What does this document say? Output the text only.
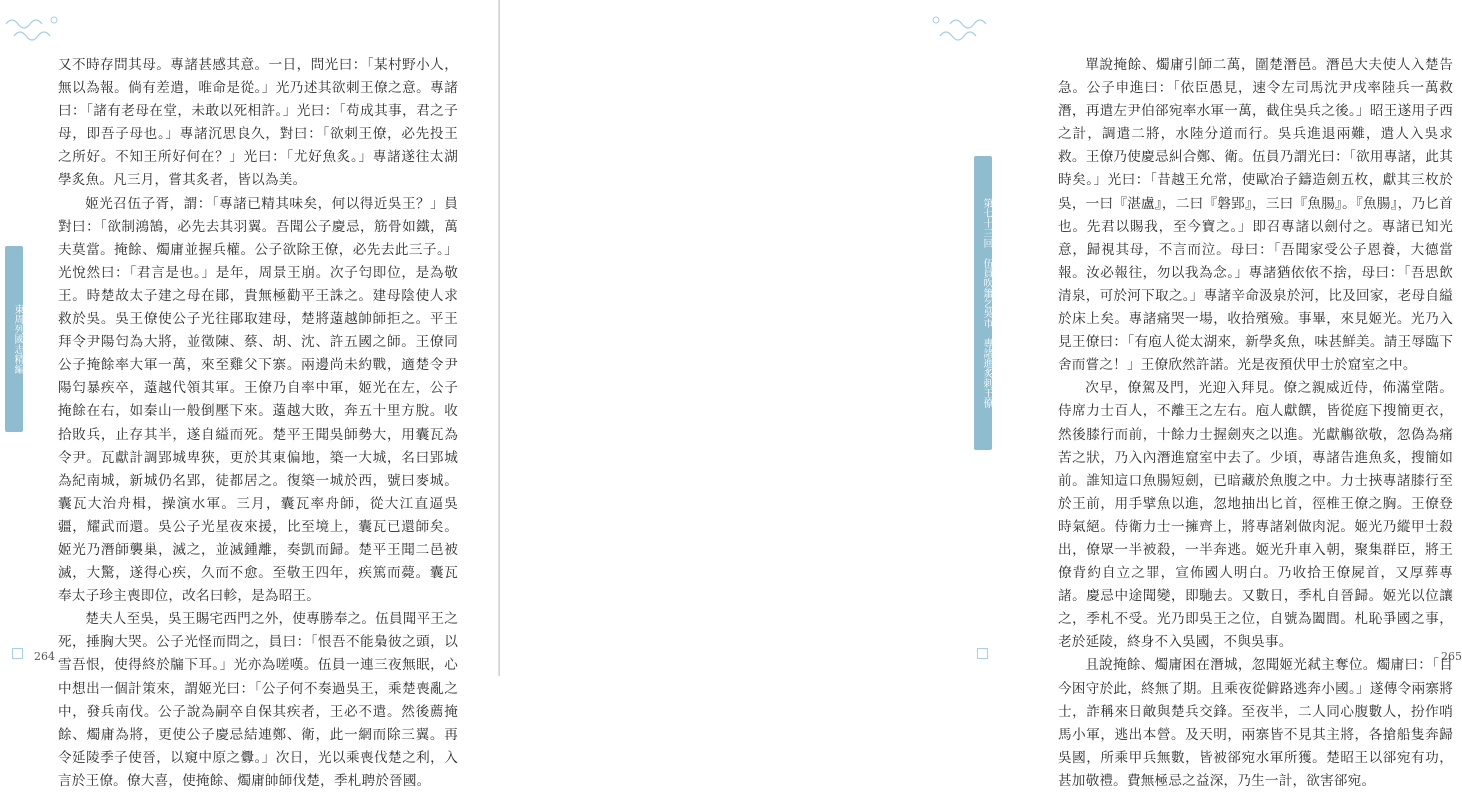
又不時存問其母。專諸甚感其意。一日，問光曰：「某村野小人，無以為報。倘有差遣，唯命是從。」光乃述其欲刺王僚之意。專諸曰：「諸有老母在堂，未敢以死相許。」光曰：「苟成其事，君之子母，即吾子母也。」專諸沉思良久，對曰：「欲刺王僚，必先投王之所好。不知王所好何在？」光曰：「尤好魚炙。」專諸遂往太湖學炙魚。凡三月，嘗其炙者，皆以為美。

姬光召伍子胥，謂：「專諸已精其味矣，何以得近吳王？」員對曰：「欲制鴻鵠，必先去其羽翼。吾聞公子慶忌，筋骨如鐵，萬夫莫當。掩餘、燭庸並握兵權。公子欲除王僚，必先去此三子。」光悅然曰：「君言是也。」是年，周景王崩。次子匄即位，是為敬王。時楚故太子建之母在鄖，貴無極勸平王誅之。建母陰使人求救於吳。吳王僚使公子光往鄖取建母，楚將薳越帥師拒之。平王拜令尹陽匄為大將，並徵陳、蔡、胡、沈、許五國之師。王僚同公子掩餘率大軍一萬，來至雞父下寨。兩邊尚未約戰，適楚令尹陽匄暴疾卒，薳越代領其軍。王僚乃自率中軍，姬光在左，公子掩餘在右，如秦山一般倒壓下來。薳越大敗，奔五十里方脫。收拾敗兵，止存其半，遂自縊而死。楚平王聞吳師勢大，用囊瓦為令尹。瓦獻計調郢城卑狹，更於其東偏地，築一大城，名曰郢城為紀南城，新城仍名郢，徒都居之。復築一城於西，號曰麥城。囊瓦大治舟楫，操演水軍。三月，囊瓦率舟師，從大江直逼吳疆，耀武而還。吳公子光星夜來援，比至境上，囊瓦已還師矣。姬光乃潛師襲巢，滅之，並滅鍾離，奏凱而歸。楚平王聞二邑被滅，大驚，遂得心疾，久而不愈。至敬王四年，疾篤而薨。囊瓦奉太子珍主喪即位，改名曰軫，是為昭王。

楚夫人至吳，吳王賜宅西門之外，使專勝奉之。伍員聞平王之死，捶胸大哭。公子光怪而問之，員曰：「恨吾不能梟彼之頭，以雪吾恨，使得終於牖下耳。」光亦為嗟嘆。伍員一連三夜無眠，心中想出一個計策來，謂姬光曰：「公子何不奏過吳王，乘楚喪亂之中，發兵南伐。公子說為嗣卒自保其疾者，王必不遣。然後薦掩餘、燭庸為將，更使公子慶忌結連鄭、衛，此一網而除三翼。再令延陵季子使晉，以窺中原之釁。」次日，光以乘喪伐楚之利，入言於王僚。僚大喜，使掩餘、燭庸帥師伐楚，季札聘於晉國。

東周列國志精編
264

單說掩餘、燭庸引師二萬，圍楚潛邑。潛邑大夫使人入楚告急。公子申進曰：「依臣愚見，速令左司馬沈尹戌率陸兵一萬救潛，再遣左尹伯郤宛率水軍一萬，截住吳兵之後。」昭王遂用子西之計，調遣二將，水陸分道而行。吳兵進退兩難，遣人入吳求救。王僚乃使慶忌糾合鄭、衛。伍員乃謂光曰：「欲用專諸，此其時矣。」光曰：「昔越王允常，使歐冶子鑄造劍五枚，獻其三枚於吳，一曰『湛盧』，二曰『磐郢』，三曰『魚腸』。『魚腸』，乃匕首也。先君以賜我，至今寶之。」即召專諸以劍付之。專諸已知光意，歸視其母，不言而泣。母曰：「吾聞家受公子恩養，大德當報。汝必報往，勿以我為念。」專諸猶依依不捨，母曰：「吾思飲清泉，可於河下取之。」專諸辛命汲泉於河，比及回家，老母自縊於床上矣。專諸痛哭一場，收拾殯殮。事畢，來見姬光。光乃入見王僚曰：「有庖人從太湖來，新學炙魚，味甚鮮美。請王辱臨下舍而嘗之！」王僚欣然許諾。光是夜預伏甲士於窟室之中。

次早，僚駕及門，光迎入拜見。僚之親威近侍，佈滿堂階。侍席力士百人，不離王之左右。庖人獻饌，皆從庭下搜簡更衣，然後膝行而前，十餘力士握劍夾之以進。光獻觴欲敬，忽偽為痛苦之狀，乃入內潛進窟室中去了。少頃，專諸告進魚炙，搜簡如前。誰知這口魚腸短劍，已暗藏於魚腹之中。力士挾專諸膝行至於王前，用手擘魚以進，忽地抽出匕首，徑椎王僚之胸。王僚登時氣絕。侍衛力士一擁齊上，將專諸剁做肉泥。姬光乃縱甲士殺出，僚眾一半被殺，一半奔逃。姬光升車入朝，聚集群臣，將王僚背約自立之罪，宣佈國人明白。乃收拾王僚屍首，又厚葬專諸。慶忌中途聞變，即馳去。又數日，季札自晉歸。姬光以位讓之，季札不受。光乃即吳王之位，自號為闔閭。札恥爭國之事，老於延陵，終身不入吳國，不與吳事。

且說掩餘、燭庸困在潛城，忽聞姬光弒主奪位。燭庸曰：「目今困守於此，終無了期。且乘夜從僻路逃奔小國。」遂傳令兩寨將士，詐稱來日敵與楚兵交鋒。至夜半，二人同心腹數人，扮作哨馬小軍，逃出本營。及天明，兩寨皆不見其主將，各搶船隻奔歸吳國，所乘甲兵無數，皆被郤宛水軍所獲。楚昭王以郤宛有功，甚加敬禮。費無極忌之益深，乃生一計，欲害郤宛。

265
第七十三回　伍員吹簫乞吳市　專諸進炙刺王僚
